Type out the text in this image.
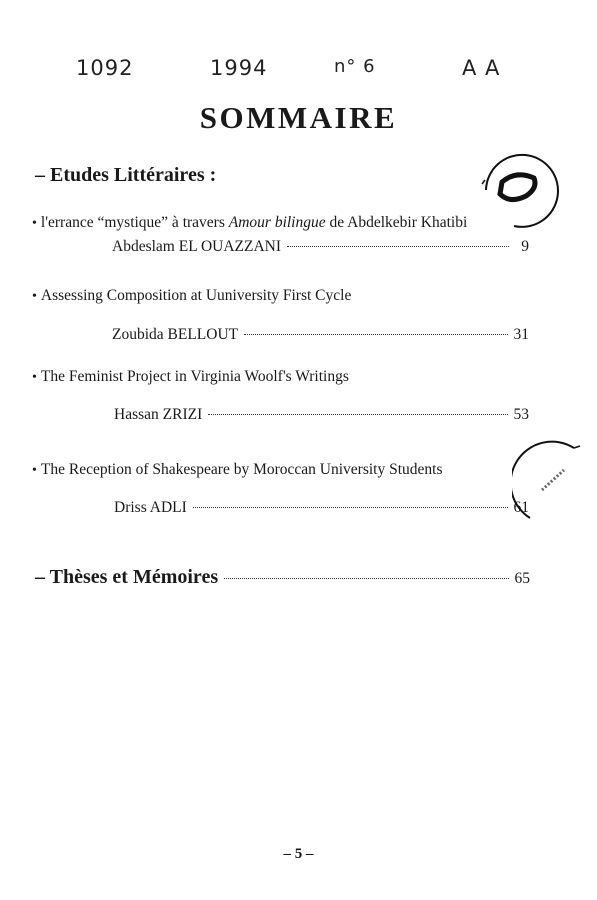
1092	1994	n° 6	A A
SOMMAIRE
– Etudes Littéraires :
• l'errance “mystique” à travers Amour bilingue de Abdelkebir Khatibi
Abdeslam EL OUAZZANI	9
• Assessing Composition at Uuniversity First Cycle
Zoubida BELLOUT	31
• The Feminist Project in Virginia Woolf's Writings
Hassan ZRIZI	53
• The Reception of Shakespeare by Moroccan University Students
Driss ADLI	61
– Thèses et Mémoires	65
– 5 –
